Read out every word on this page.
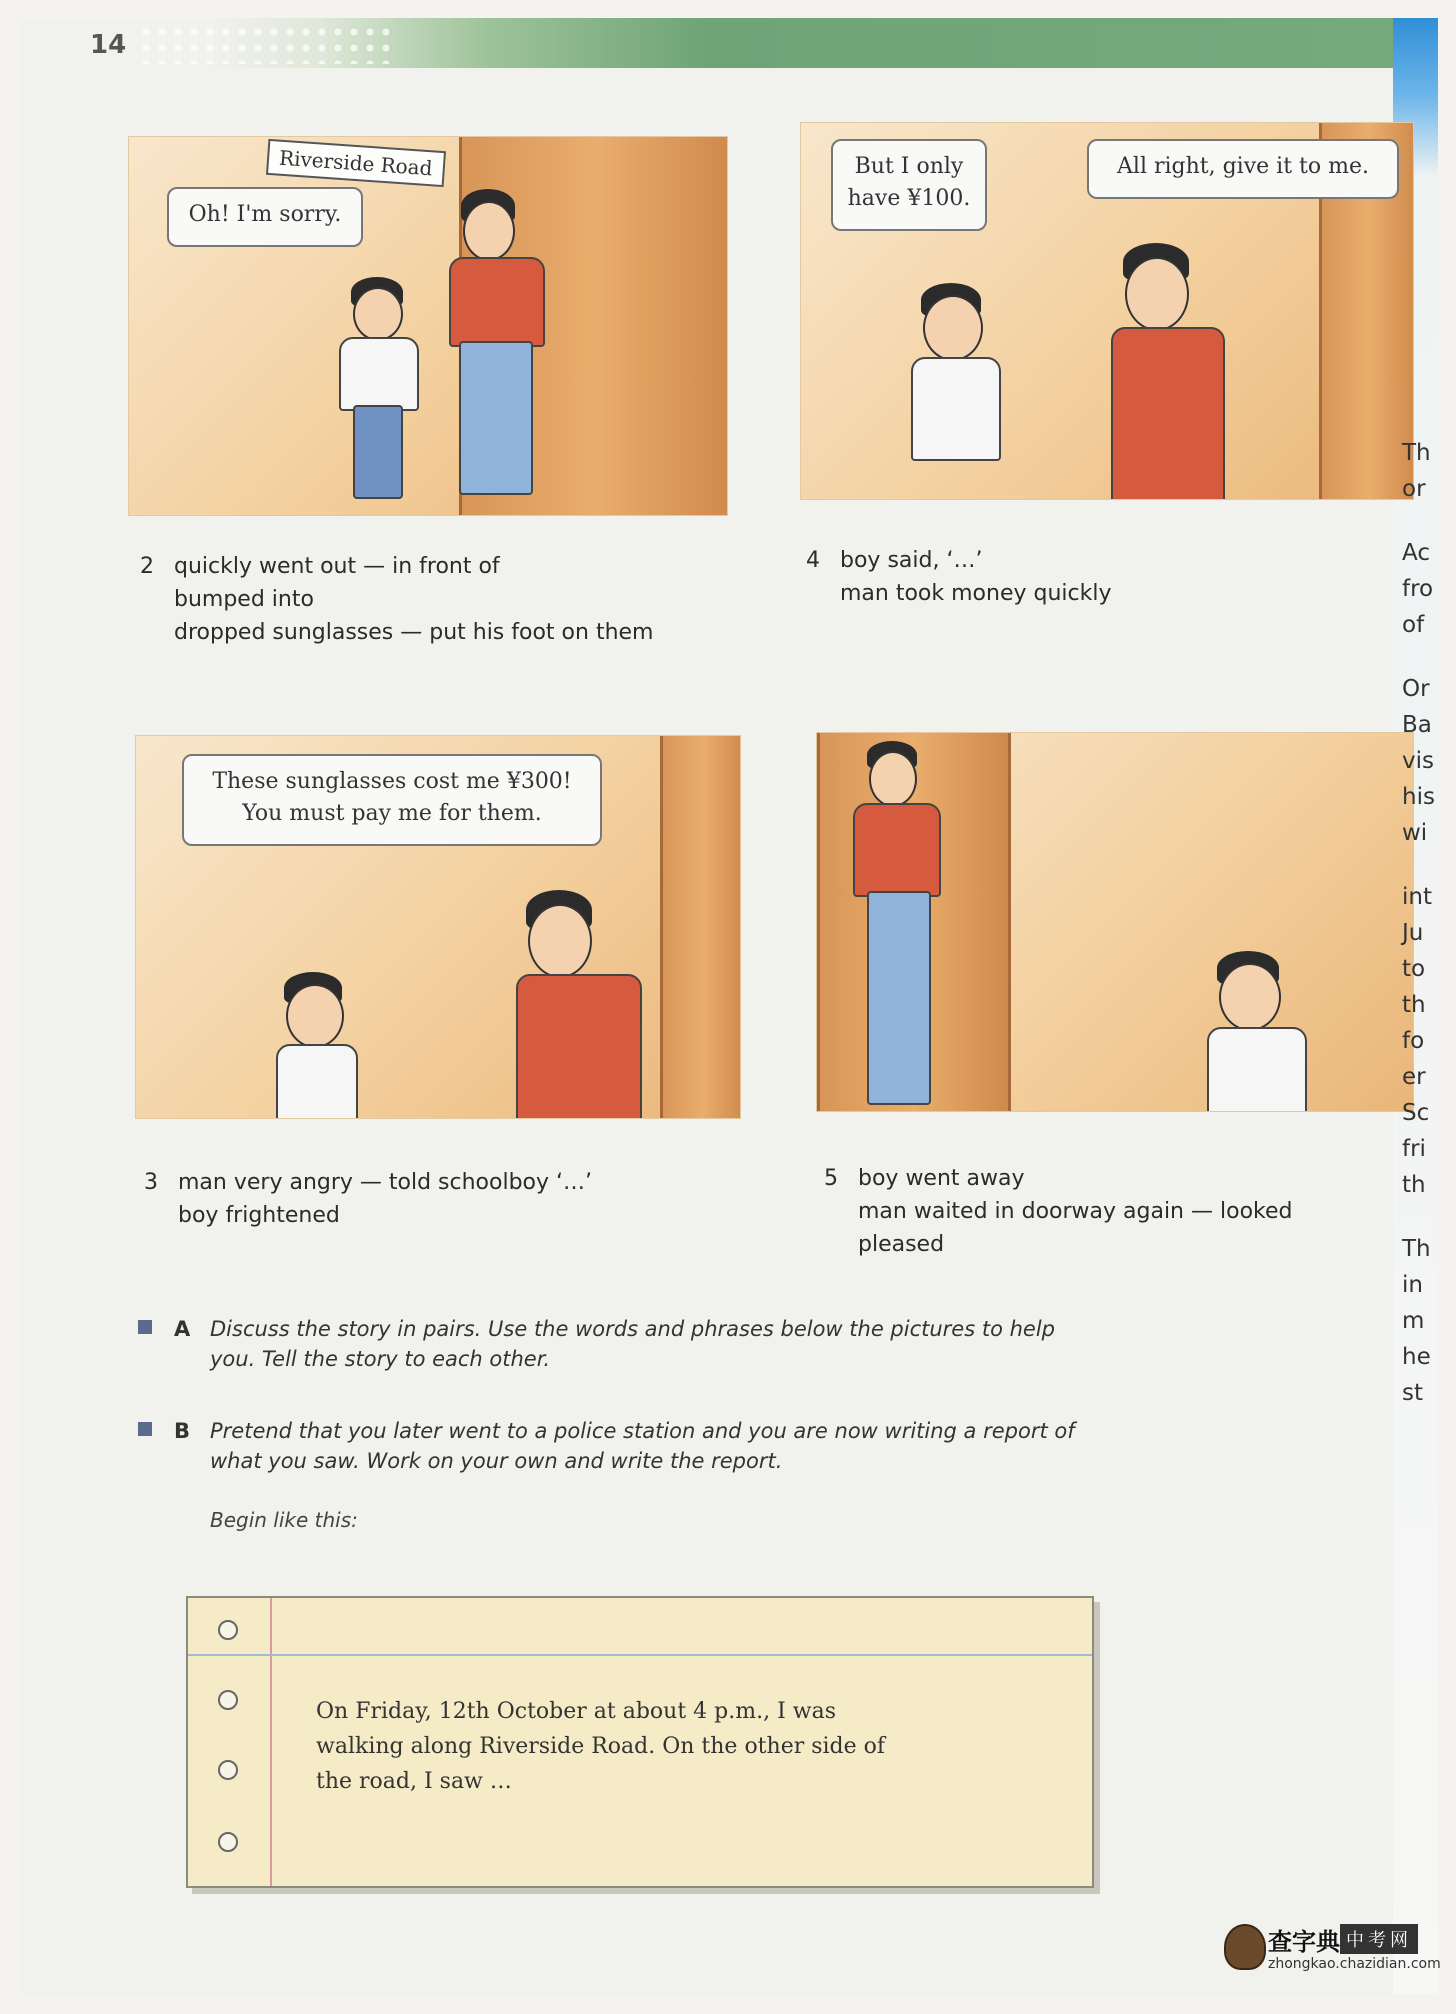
14
Riverside Road
Oh! I'm sorry.
But I only
have ¥100.
All right, give it to me.
These sunglasses cost me ¥300!
You must pay me for them.
2 quickly went out — in front of
bumped into
dropped sunglasses — put his foot on them
4 boy said, ‘…’
man took money quickly
3 man very angry — told schoolboy ‘…’
boy frightened
5 boy went away
man waited in doorway again — looked
pleased
A Discuss the story in pairs. Use the words and phrases below the pictures to help you. Tell the story to each other.
B Pretend that you later went to a police station and you are now writing a report of what you saw. Work on your own and write the report.
Begin like this:
On Friday, 12th October at about 4 p.m., I was
walking along Riverside Road. On the other side of
the road, I saw …
Th
or
Ac
fro
of
Or
Ba
vis
his
wi
int
Ju
to
th
fo
er
Sc
fri
th
Th
in
m
he
st
查字典 中考网
zhongkao.chazidian.com
